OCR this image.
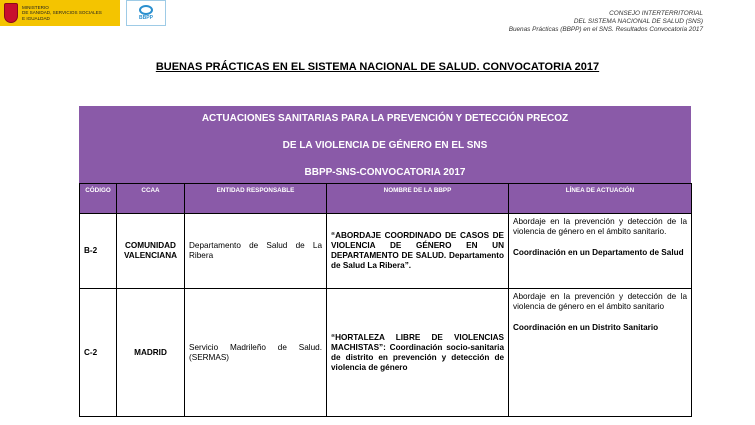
MINISTERIO
DE SANIDAD, SERVICIOS SOCIALES
E IGUALDAD	BBPP
CONSEJO INTERTERRITORIAL
DEL SISTEMA NACIONAL DE SALUD (SNS)
Buenas Prácticas (BBPP) en el SNS. Resultados Convocatoria 2017
BUENAS PRÁCTICAS EN EL SISTEMA NACIONAL DE SALUD. CONVOCATORIA 2017
ACTUACIONES SANITARIAS PARA LA PREVENCIÓN Y DETECCIÓN PRECOZ
DE LA VIOLENCIA DE GÉNERO EN EL SNS
BBPP-SNS-CONVOCATORIA 2017
CÓDIGO	CCAA	ENTIDAD RESPONSABLE	NOMBRE DE LA BBPP	LÍNEA DE ACTUACIÓN
B-2	COMUNIDAD VALENCIANA	Departamento de Salud de La Ribera	“ABORDAJE COORDINADO DE CASOS DE VIOLENCIA DE GÉNERO EN UN DEPARTAMENTO DE SALUD. Departamento de Salud La Ribera”.	Abordaje en la prevención y detección de la violencia de género en el ámbito sanitario.
Coordinación en un Departamento de Salud

C-2	MADRID	Servicio Madrileño de Salud. (SERMAS)	“HORTALEZA LIBRE DE VIOLENCIAS MACHISTAS”: Coordinación socio-sanitaria de distrito en prevención y detección de violencia de género	Abordaje en la prevención y detección de la violencia de género en el ámbito sanitario
Coordinación en un Distrito Sanitario
